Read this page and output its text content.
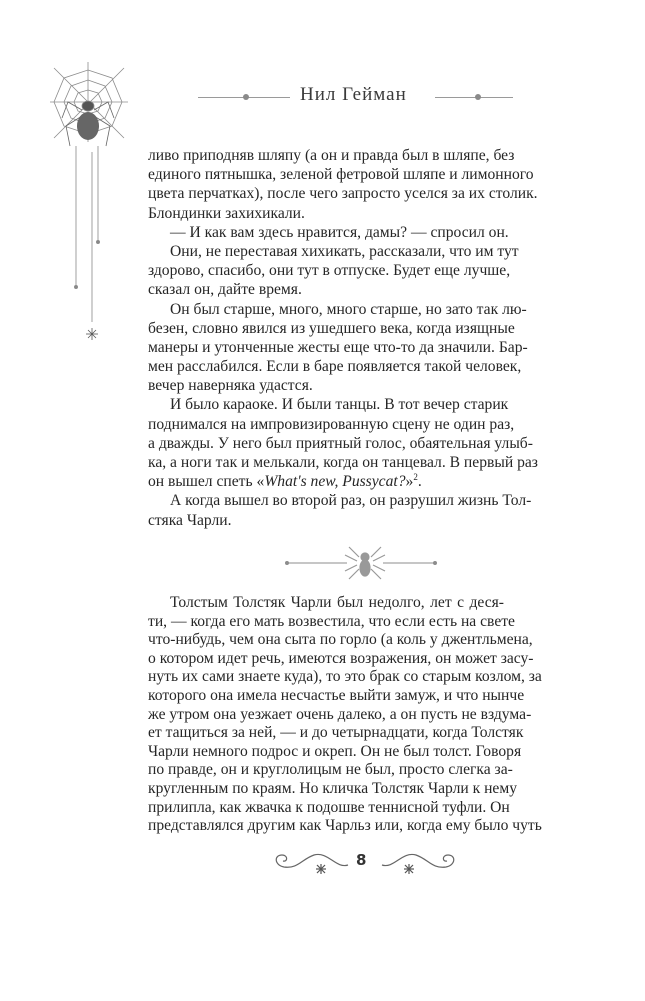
Нил Гейман
ливо приподняв шляпу (а он и правда был в шляпе, без
единого пятнышка, зеленой фетровой шляпе и лимонного
цвета перчатках), после чего запросто уселся за их столик.
Блондинки захихикали.
— И как вам здесь нравится, дамы? — спросил он.
Они, не переставая хихикать, рассказали, что им тут
здорово, спасибо, они тут в отпуске. Будет еще лучше,
сказал он, дайте время.
Он был старше, много, много старше, но зато так лю-
безен, словно явился из ушедшего века, когда изящные
манеры и утонченные жесты еще что-то да значили. Бар-
мен расслабился. Если в баре появляется такой человек,
вечер наверняка удастся.
И было караоке. И были танцы. В тот вечер старик
поднимался на импровизированную сцену не один раз,
а дважды. У него был приятный голос, обаятельная улыб-
ка, а ноги так и мелькали, когда он танцевал. В первый раз
он вышел спеть «What's new, Pussycat?»$^2$.
А когда вышел во второй раз, он разрушил жизнь Тол-
стяка Чарли.
Толстым Толстяк Чарли был недолго, лет с деся-
ти, — когда его мать возвестила, что если есть на свете
что-нибудь, чем она сыта по горло (а коль у джентльмена,
о котором идет речь, имеются возражения, он может засу-
нуть их сами знаете куда), то это брак со старым козлом, за
которого она имела несчастье выйти замуж, и что нынче
же утром она уезжает очень далеко, а он пусть не вздума-
ет тащиться за ней, — и до четырнадцати, когда Толстяк
Чарли немного подрос и окреп. Он не был толст. Говоря
по правде, он и круглолицым не был, просто слегка за-
кругленным по краям. Но кличка Толстяк Чарли к нему
прилипла, как жвачка к подошве теннисной туфли. Он
представлялся другим как Чарльз или, когда ему было чуть
8
